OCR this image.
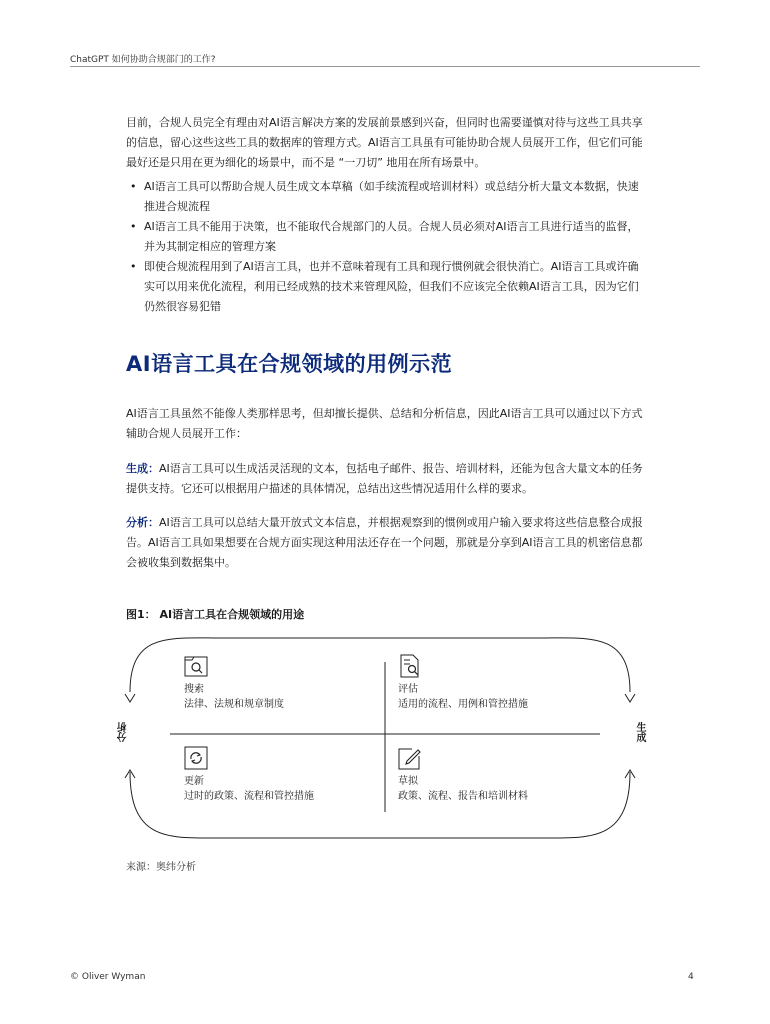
ChatGPT 如何协助合规部门的工作?

目前，合规人员完全有理由对AI语言解决方案的发展前景感到兴奋，但同时也需要谨慎对待与这些工具共享的信息，留心这些这些工具的数据库的管理方式。AI语言工具虽有可能协助合规人员展开工作，但它们可能最好还是只用在更为细化的场景中，而不是 “一刀切” 地用在所有场景中。

• AI语言工具可以帮助合规人员生成文本草稿（如手续流程或培训材料）或总结分析大量文本数据，快速推进合规流程
• AI语言工具不能用于决策，也不能取代合规部门的人员。合规人员必须对AI语言工具进行适当的监督，并为其制定相应的管理方案
• 即使合规流程用到了AI语言工具，也并不意味着现有工具和现行惯例就会很快消亡。AI语言工具或许确实可以用来优化流程，利用已经成熟的技术来管理风险，但我们不应该完全依赖AI语言工具，因为它们仍然很容易犯错
AI语言工具在合规领域的用例示范

AI语言工具虽然不能像人类那样思考，但却擅长提供、总结和分析信息，因此AI语言工具可以通过以下方式辅助合规人员展开工作：

生成：AI语言工具可以生成活灵活现的文本，包括电子邮件、报告、培训材料，还能为包含大量文本的任务提供支持。它还可以根据用户描述的具体情况，总结出这些情况适用什么样的要求。

分析：AI语言工具可以总结大量开放式文本信息，并根据观察到的惯例或用户输入要求将这些信息整合成报告。AI语言工具如果想要在合规方面实现这种用法还存在一个问题，那就是分享到AI语言工具的机密信息都会被收集到数据集中。

图1： AI语言工具在合规领域的用途
分析	生成
搜索
法律、法规和规章制度
评估
适用的流程、用例和管控措施
更新
过时的政策、流程和管控措施
草拟
政策、流程、报告和培训材料
来源：奥纬分析
© Oliver Wyman	4
